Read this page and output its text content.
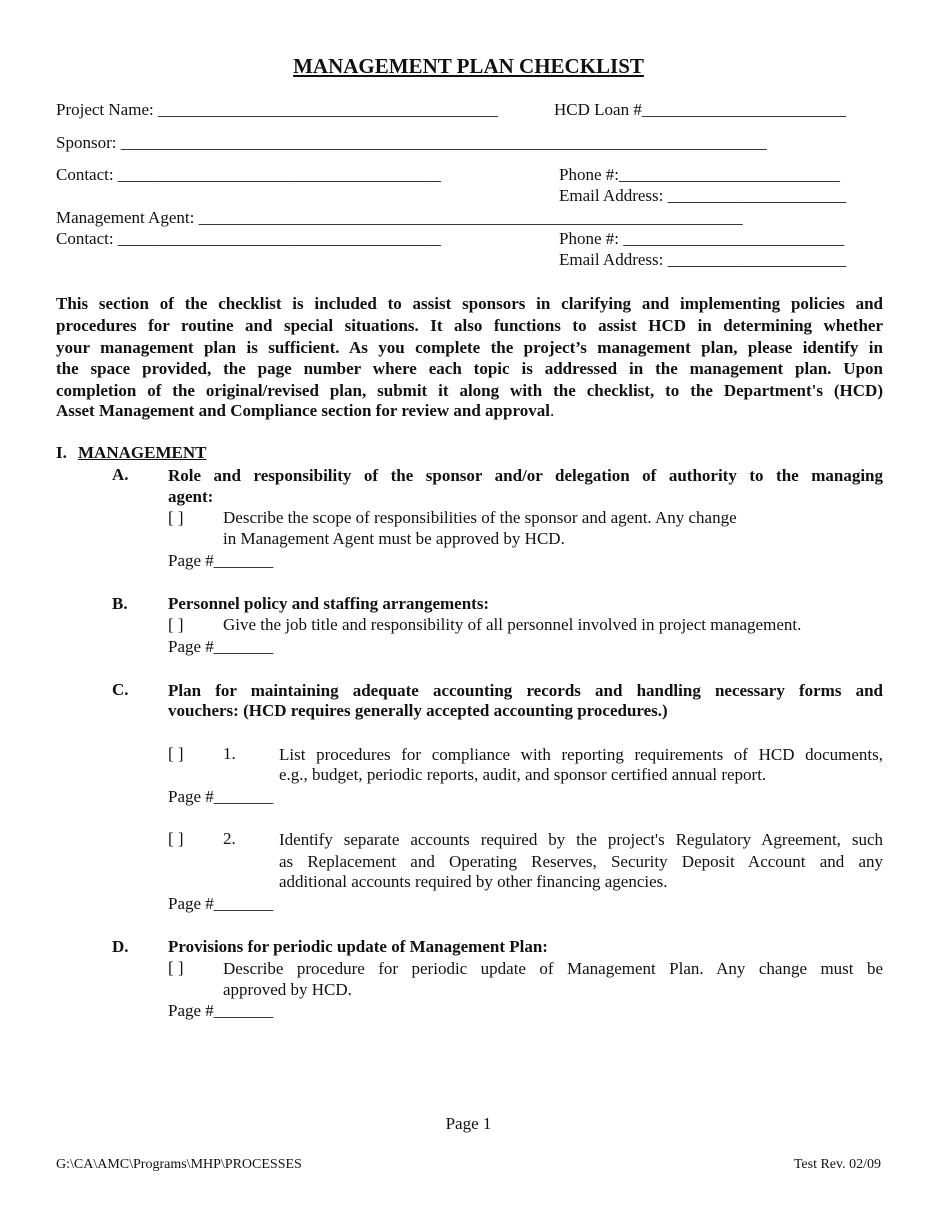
MANAGEMENT PLAN CHECKLIST
Project Name: ________________________________________	HCD Loan #________________________
Sponsor: ____________________________________________________________________________
Contact: ______________________________________	Phone #:__________________________
Email Address: _____________________
Management Agent: ________________________________________________________________
Contact: ______________________________________	Phone #: __________________________
Email Address: _____________________
This section of the checklist is included to assist sponsors in clarifying and implementing policies and
procedures for routine and special situations. It also functions to assist HCD in determining whether
your management plan is sufficient. As you complete the project’s management plan, please identify in
the space provided, the page number where each topic is addressed in the management plan. Upon
completion of the original/revised plan, submit it along with the checklist, to the Department's (HCD)
Asset Management and Compliance section for review and approval.
I. MANAGEMENT
A. Role and responsibility of the sponsor and/or delegation of authority to the managing
agent:
[ ] Describe the scope of responsibilities of the sponsor and agent. Any change
in Management Agent must be approved by HCD.
Page #_______
B. Personnel policy and staffing arrangements:
[ ] Give the job title and responsibility of all personnel involved in project management.
Page #_______
C. Plan for maintaining adequate accounting records and handling necessary forms and
vouchers: (HCD requires generally accepted accounting procedures.)
[ ] 1.	List procedures for compliance with reporting requirements of HCD documents,
e.g., budget, periodic reports, audit, and sponsor certified annual report.
Page #_______
[ ] 2.	Identify separate accounts required by the project's Regulatory Agreement, such
as Replacement and Operating Reserves, Security Deposit Account and any
additional accounts required by other financing agencies.
Page #_______
D. Provisions for periodic update of Management Plan:
[ ] Describe procedure for periodic update of Management Plan. Any change must be
approved by HCD.
Page #_______
Page 1
G:\CA\AMC\Programs\MHP\PROCESSES	Test Rev. 02/09
